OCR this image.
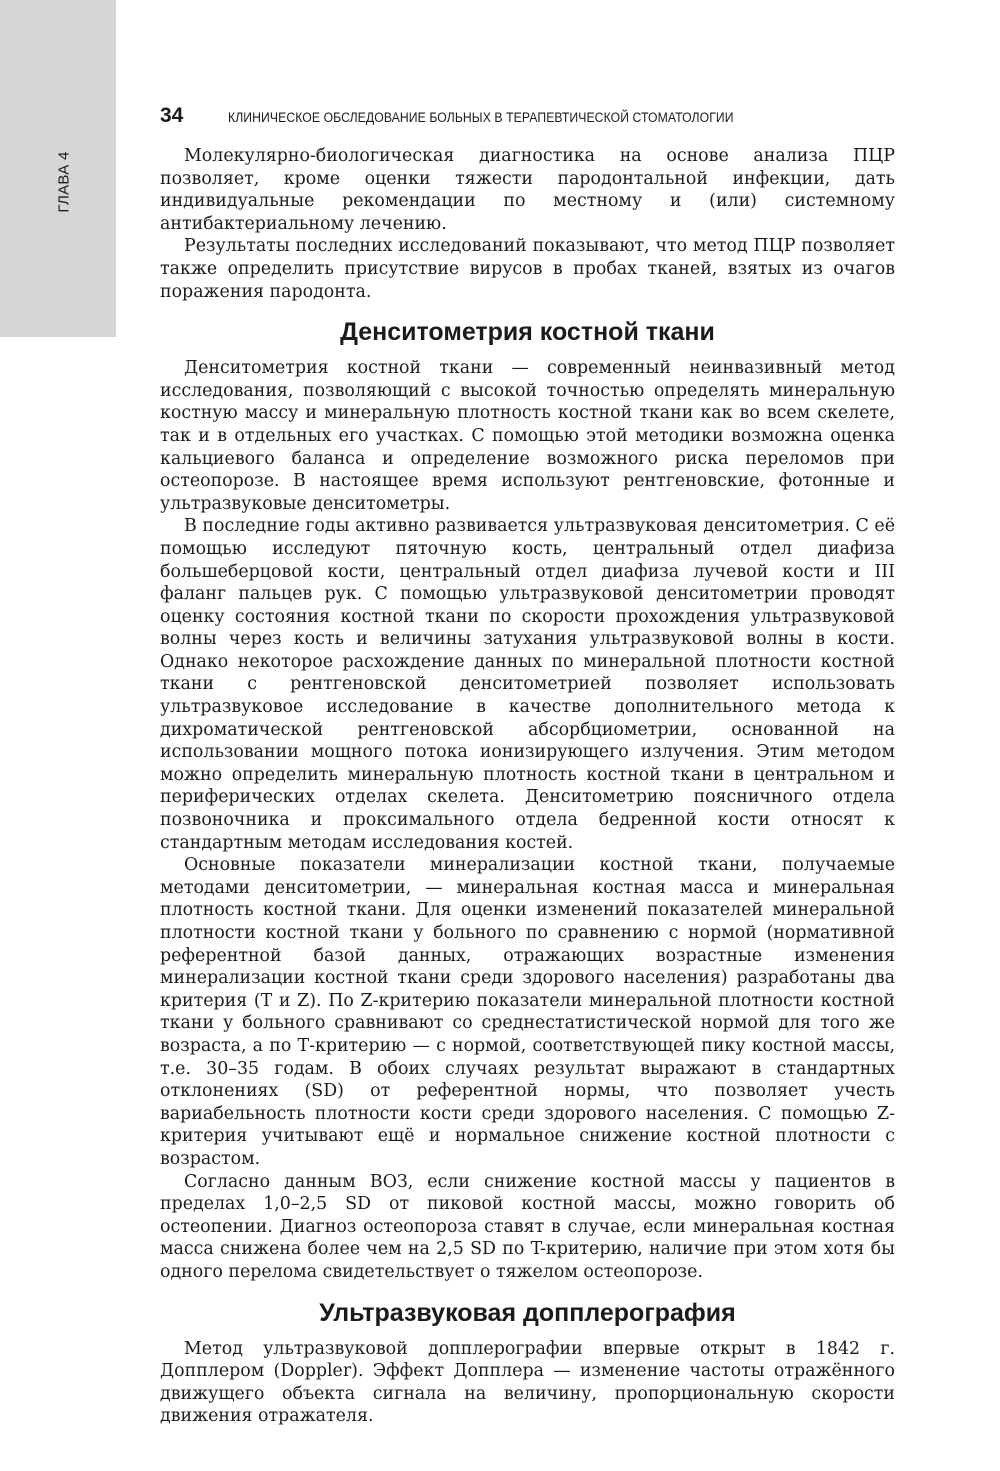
ГЛАВА 4
34	КЛИНИЧЕСКОЕ ОБСЛЕДОВАНИЕ БОЛЬНЫХ В ТЕРАПЕВТИЧЕСКОЙ СТОМАТОЛОГИИ

Молекулярно-биологическая диагностика на основе анализа ПЦР позволяет, кроме оценки тяжести пародонтальной инфекции, дать индивидуальные рекомендации по местному и (или) системному антибактериальному лечению.

Результаты последних исследований показывают, что метод ПЦР позволяет также определить присутствие вирусов в пробах тканей, взятых из очагов поражения пародонта.

Денситометрия костной ткани

Денситометрия костной ткани — современный неинвазивный метод исследования, позволяющий с высокой точностью определять минеральную костную массу и минеральную плотность костной ткани как во всем скелете, так и в отдельных его участках. С помощью этой методики возможна оценка кальциевого баланса и определение возможного риска переломов при остеопорозе. В настоящее время используют рентгеновские, фотонные и ультразвуковые денситометры.

В последние годы активно развивается ультразвуковая денситометрия. С её помощью исследуют пяточную кость, центральный отдел диафиза большеберцовой кости, центральный отдел диафиза лучевой кости и III фаланг пальцев рук. С помощью ультразвуковой денситометрии проводят оценку состояния костной ткани по скорости прохождения ультразвуковой волны через кость и величины затухания ультразвуковой волны в кости. Однако некоторое расхождение данных по минеральной плотности костной ткани с рентгеновской денситометрией позволяет использовать ультразвуковое исследование в качестве дополнительного метода к дихроматической рентгеновской абсорбциометрии, основанной на использовании мощного потока ионизирующего излучения. Этим методом можно определить минеральную плотность костной ткани в центральном и периферических отделах скелета. Денситометрию поясничного отдела позвоночника и проксимального отдела бедренной кости относят к стандартным методам исследования костей.

Основные показатели минерализации костной ткани, получаемые методами денситометрии, — минеральная костная масса и минеральная плотность костной ткани. Для оценки изменений показателей минеральной плотности костной ткани у больного по сравнению с нормой (нормативной референтной базой данных, отражающих возрастные изменения минерализации костной ткани среди здорового населения) разработаны два критерия (T и Z). По Z-критерию показатели минеральной плотности костной ткани у больного сравнивают со среднестатистической нормой для того же возраста, а по Т-критерию — с нормой, соответствующей пику костной массы, т.е. 30–35 годам. В обоих случаях результат выражают в стандартных отклонениях (SD) от референтной нормы, что позволяет учесть вариабельность плотности кости среди здорового населения. С помощью Z-критерия учитывают ещё и нормальное снижение костной плотности с возрастом.

Согласно данным ВОЗ, если снижение костной массы у пациентов в пределах 1,0–2,5 SD от пиковой костной массы, можно говорить об остеопении. Диагноз остеопороза ставят в случае, если минеральная костная масса снижена более чем на 2,5 SD по T-критерию, наличие при этом хотя бы одного перелома свидетельствует о тяжелом остеопорозе.

Ультразвуковая допплерография

Метод ультразвуковой допплерографии впервые открыт в 1842 г. Допплером (Doppler). Эффект Допплера — изменение частоты отражённого движущего объекта сигнала на величину, пропорциональную скорости движения отражателя.
